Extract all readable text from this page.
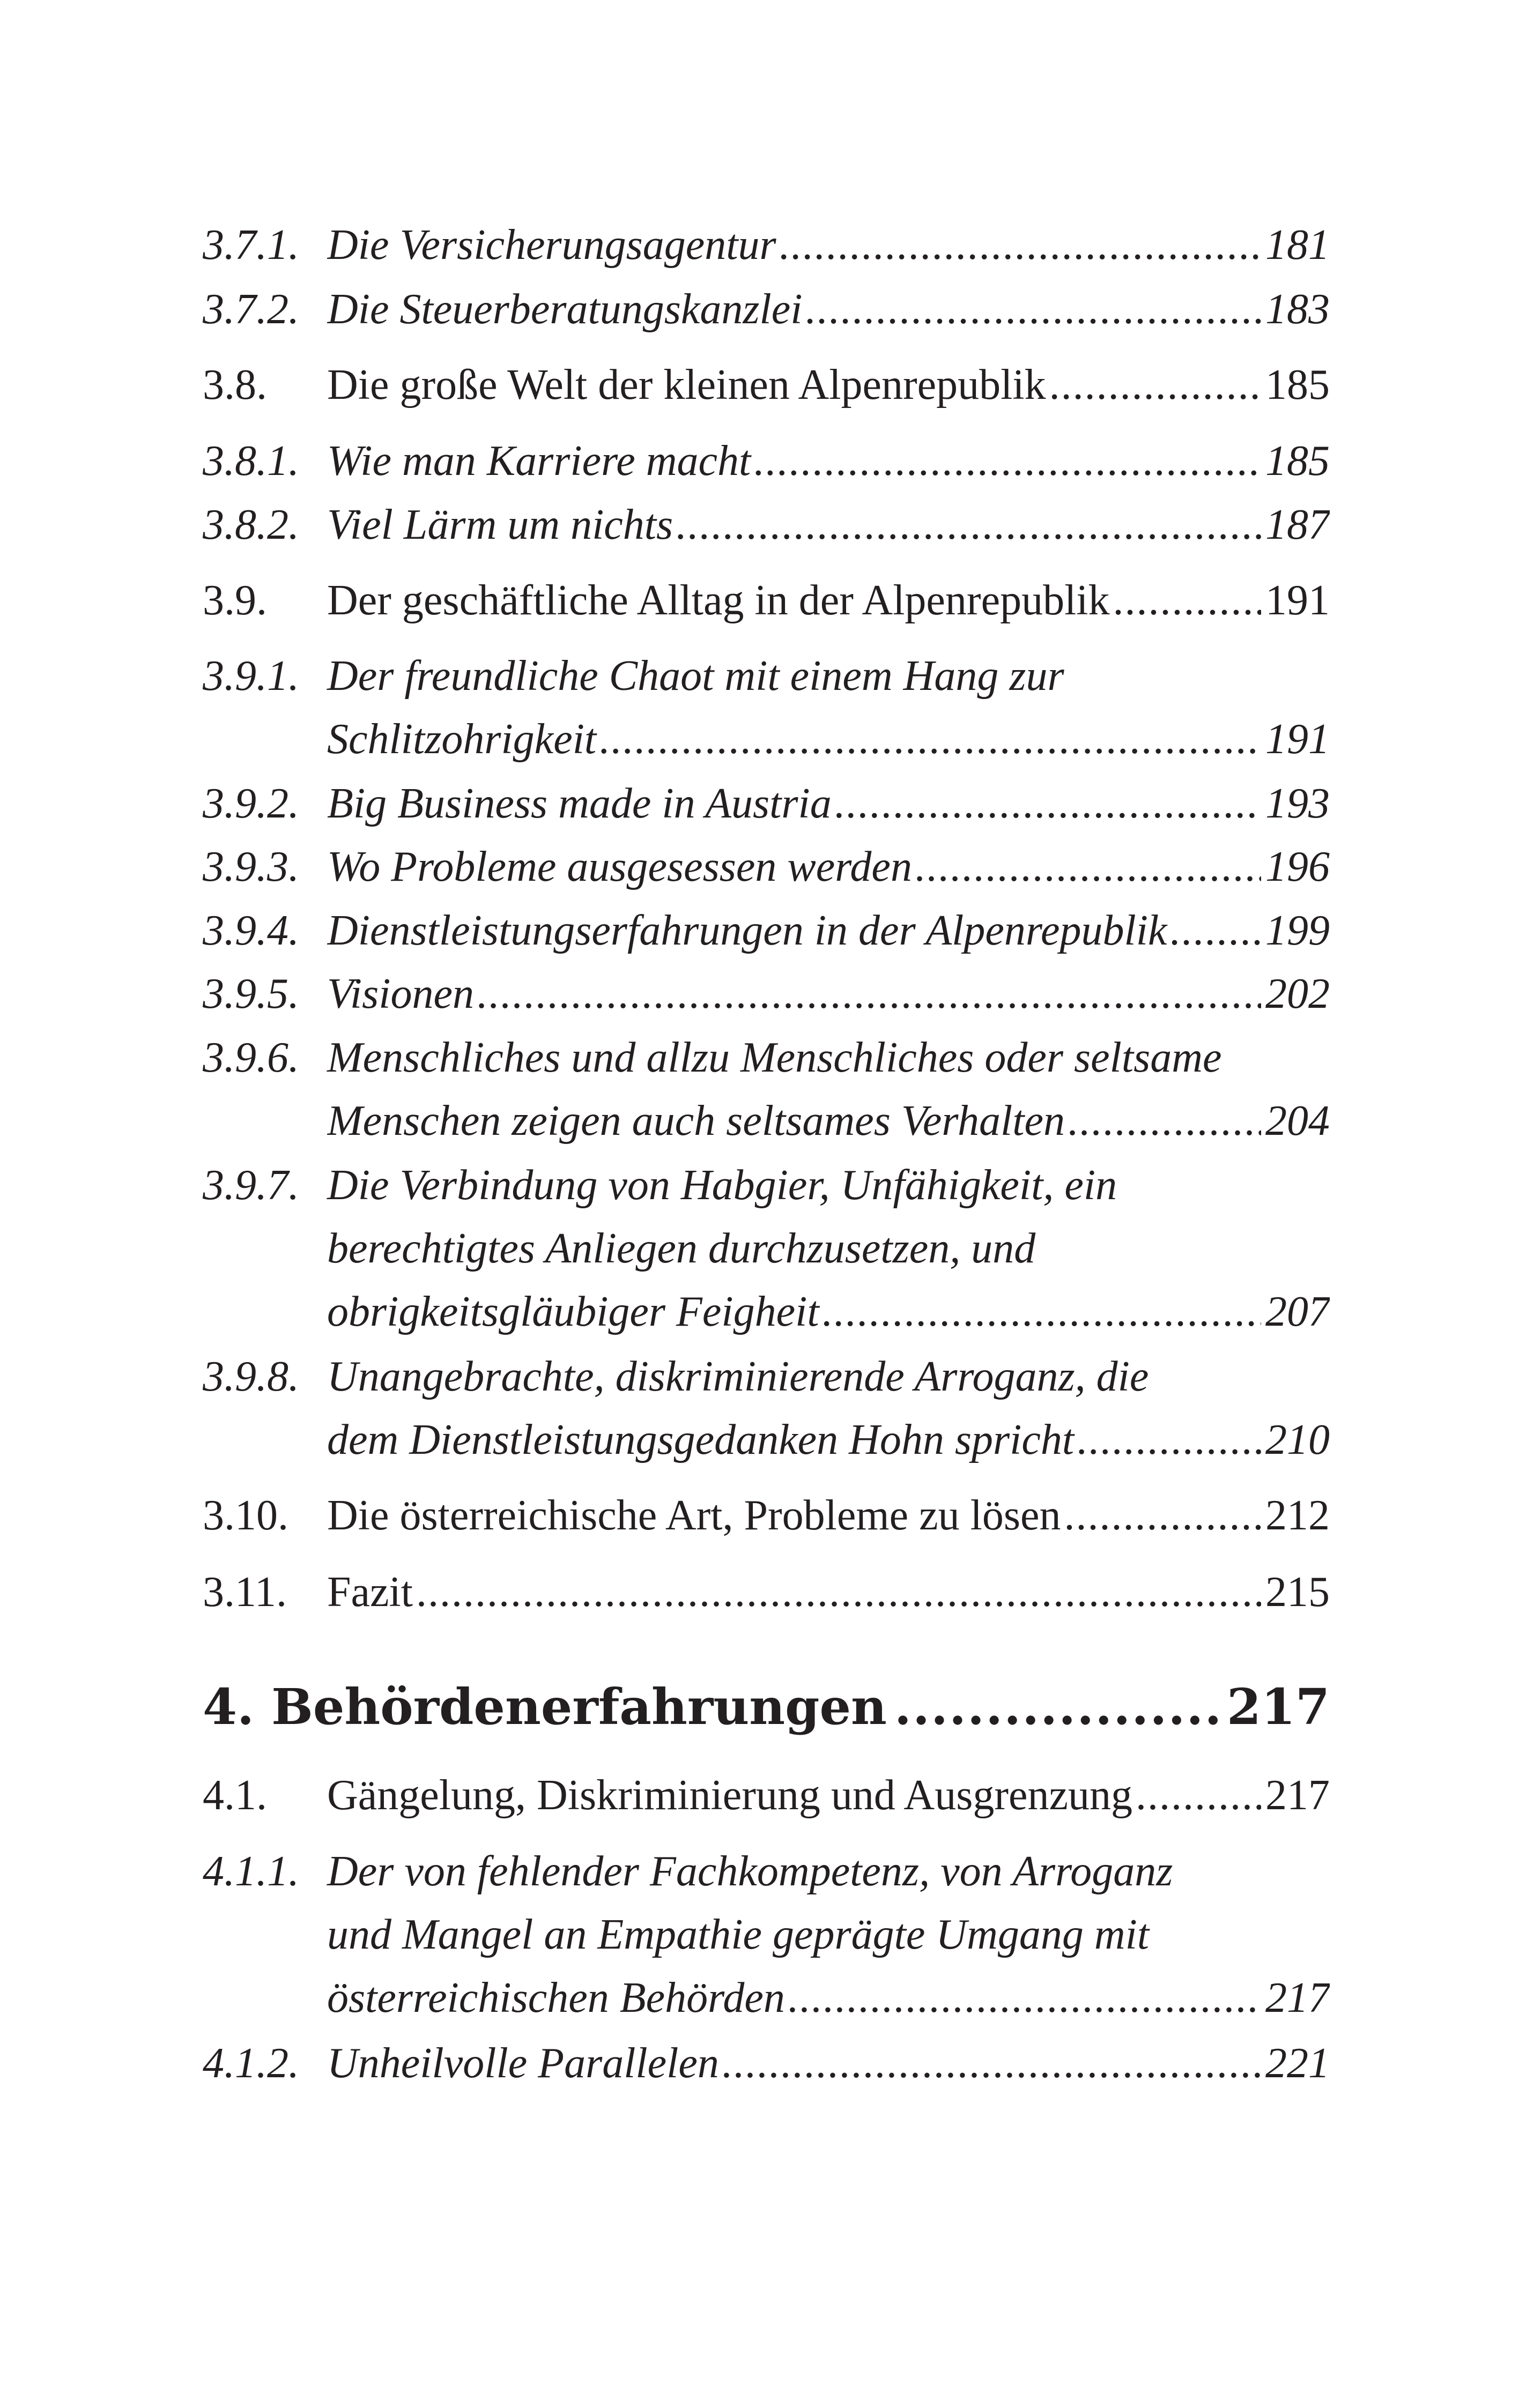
3.7.1. Die Versicherungsagentur .....	181
3.7.2. Die Steuerberatungskanzlei .....	183
3.8. Die große Welt der kleinen Alpenrepublik .....	185
3.8.1. Wie man Karriere macht .....	185
3.8.2. Viel Lärm um nichts .....	187
3.9. Der geschäftliche Alltag in der Alpenrepublik .....	191
3.9.1. Der freundliche Chaot mit einem Hang zur
Schlitzohrigkeit .....	191
3.9.2. Big Business made in Austria .....	193
3.9.3. Wo Probleme ausgesessen werden .....	196
3.9.4. Dienstleistungserfahrungen in der Alpenrepublik ..... 199
3.9.5. Visionen .....	202
3.9.6. Menschliches und allzu Menschliches oder seltsame
Menschen zeigen auch seltsames Verhalten .....	204
3.9.7. Die Verbindung von Habgier, Unfähigkeit, ein
berechtigtes Anliegen durchzusetzen, und
obrigkeitsgläubiger Feigheit .....	207
3.9.8. Unangebrachte, diskriminierende Arroganz, die
dem Dienstleistungsgedanken Hohn spricht .....	210
3.10. Die österreichische Art, Probleme zu lösen .....	212
3.11. Fazit .....	215
4. Behördenerfahrungen .....	217
4.1. Gängelung, Diskriminierung und Ausgrenzung .....	217
4.1.1. Der von fehlender Fachkompetenz, von Arroganz
und Mangel an Empathie geprägte Umgang mit
österreichischen Behörden .....	217
4.1.2. Unheilvolle Parallelen .....	221
